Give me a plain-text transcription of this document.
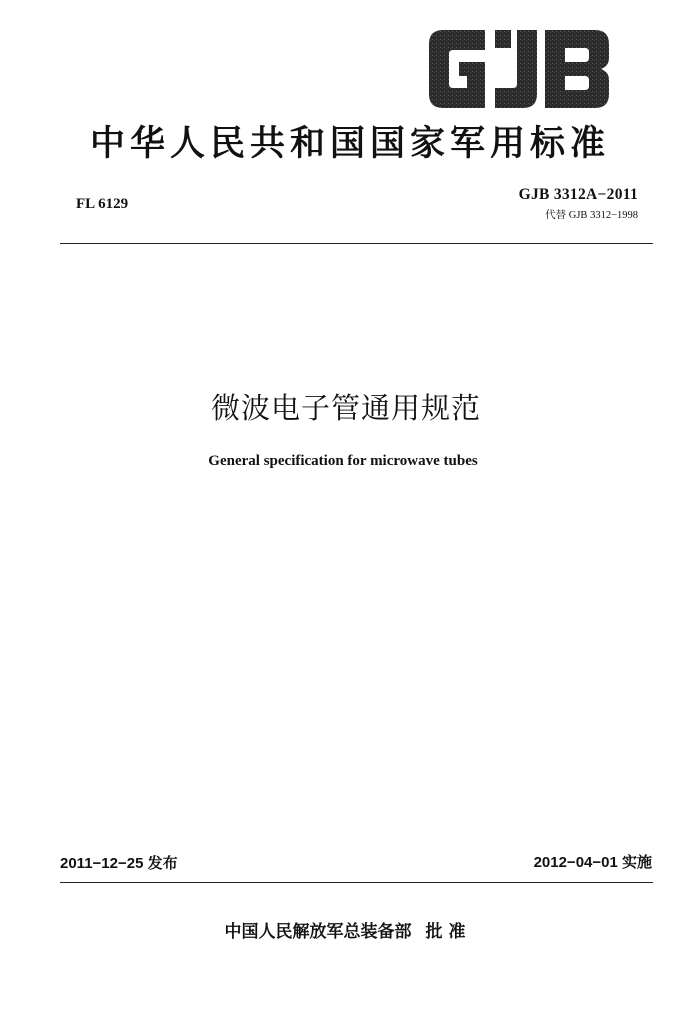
中华人民共和国国家军用标准
FL 6129
GJB 3312A−2011
代替 GJB 3312−1998
微波电子管通用规范
General specification for microwave tubes
2011−12−25 发布	2012−04−01 实施
中国人民解放军总装备部 批 准
